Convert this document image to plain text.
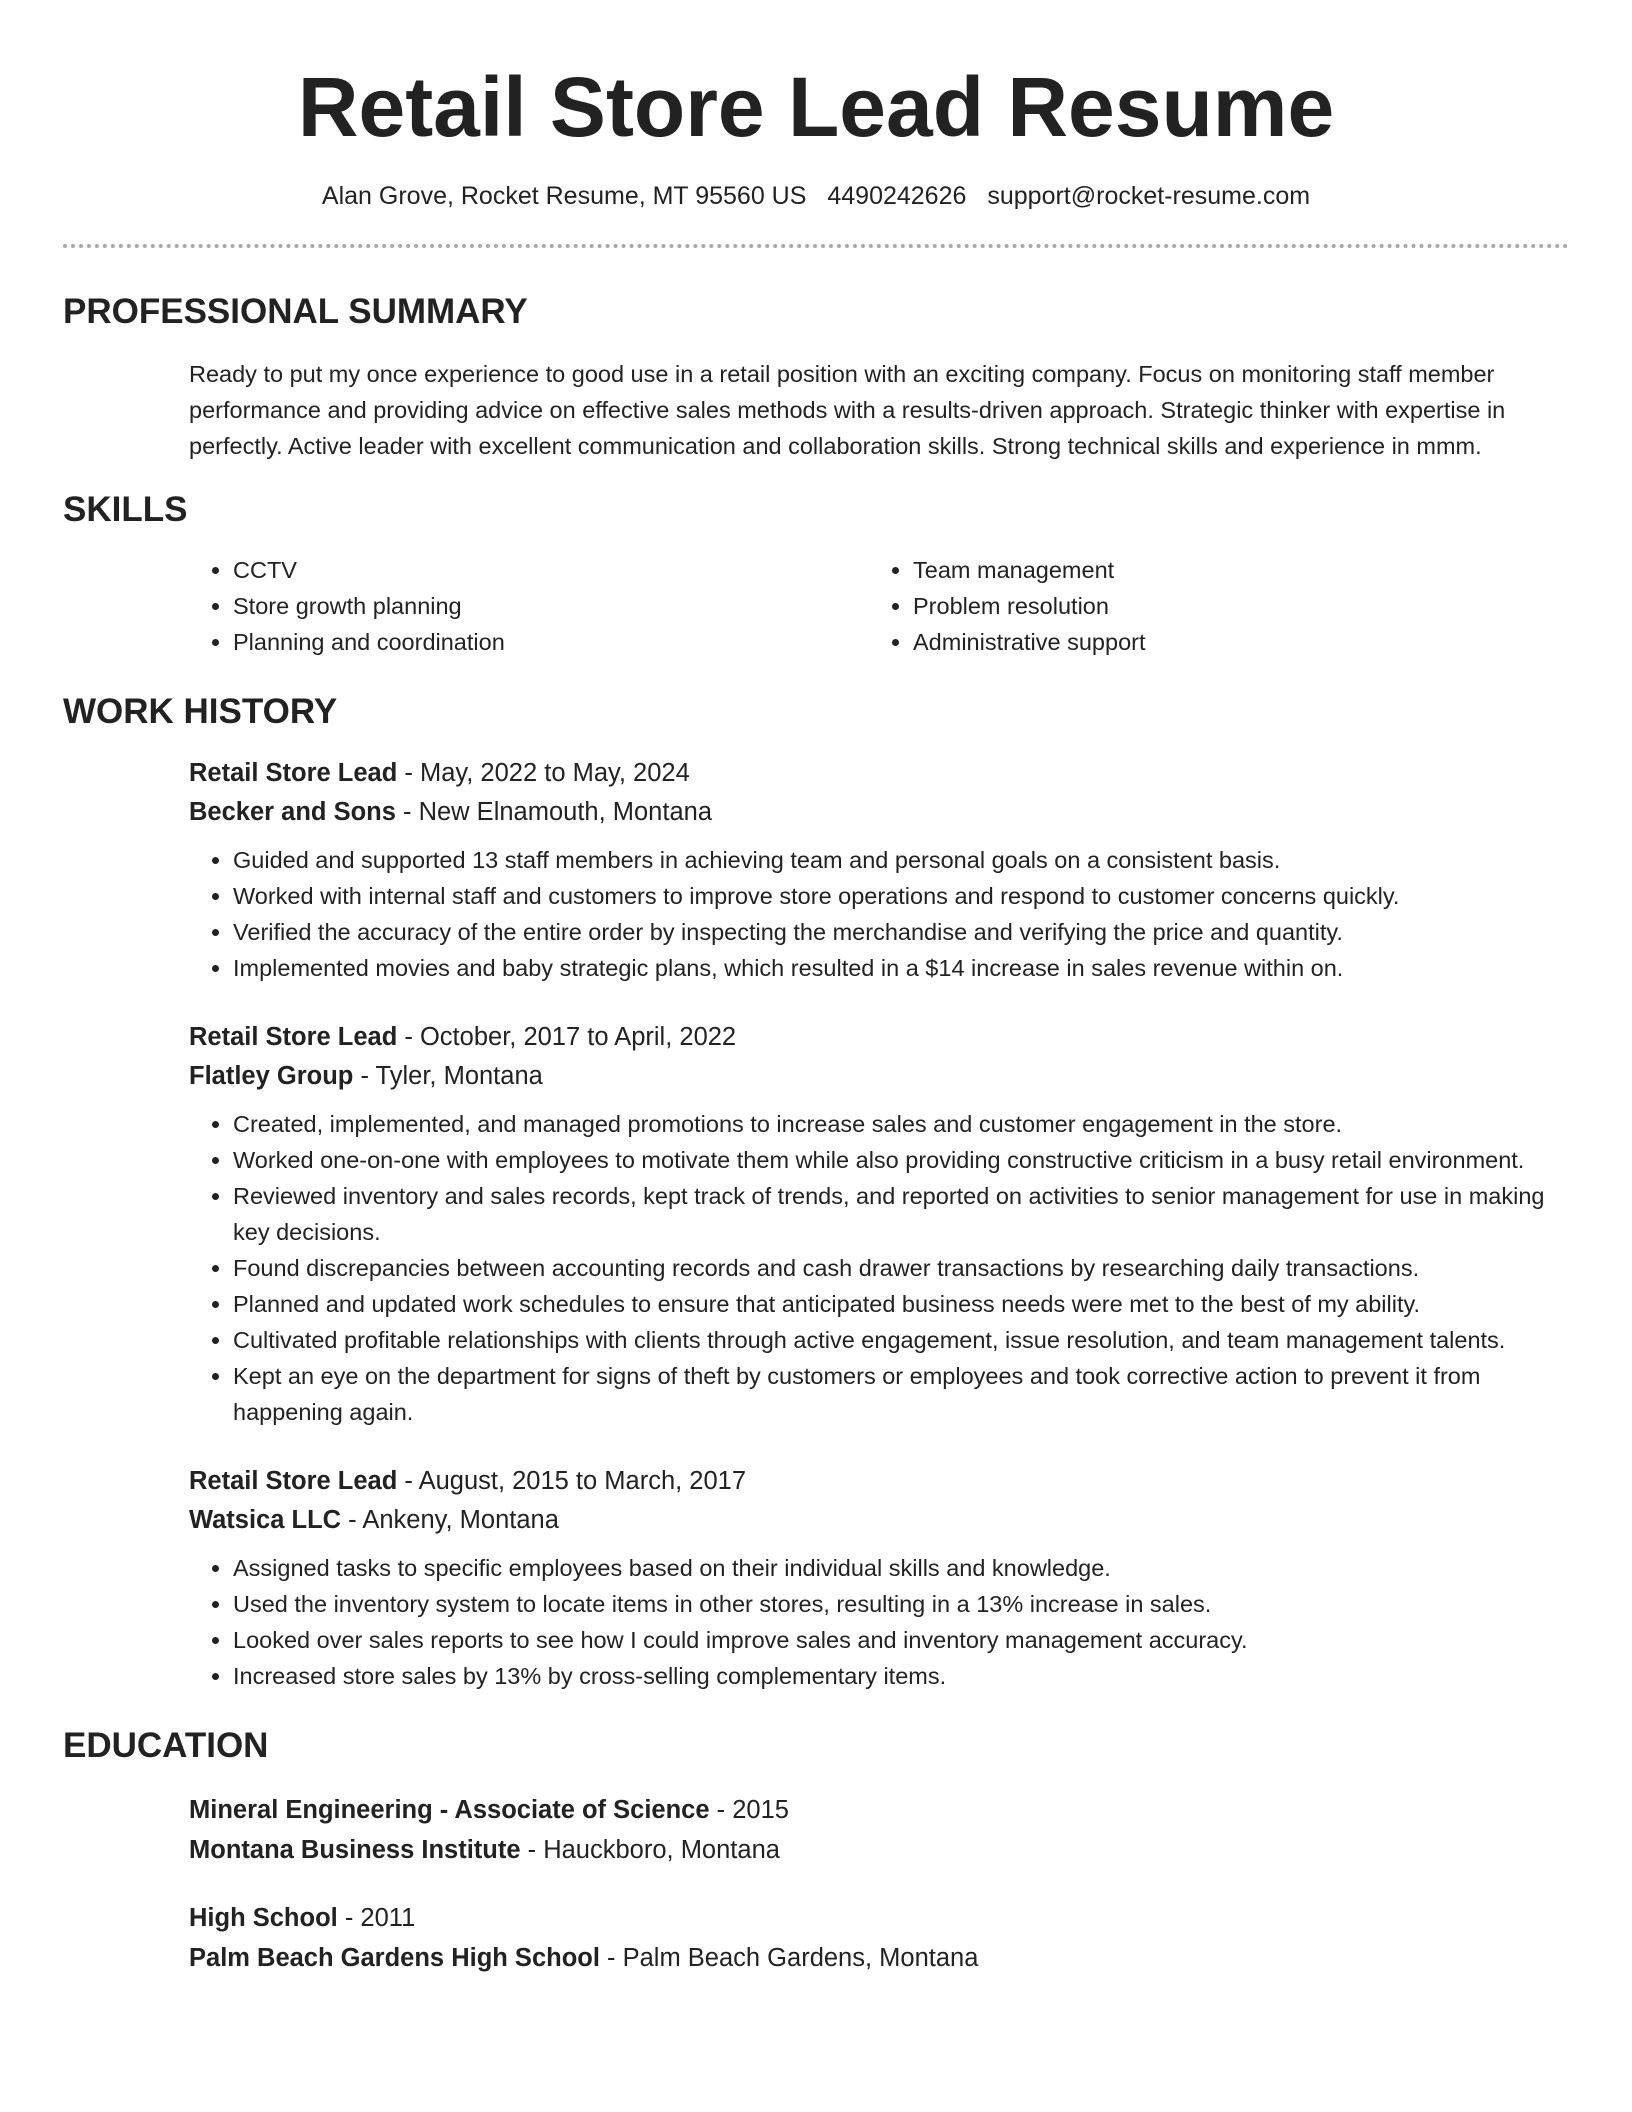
Retail Store Lead Resume
Alan Grove, Rocket Resume, MT 95560 US 4490242626 support@rocket-resume.com
PROFESSIONAL SUMMARY
Ready to put my once experience to good use in a retail position with an exciting company. Focus on monitoring staff member performance and providing advice on effective sales methods with a results-driven approach. Strategic thinker with expertise in perfectly. Active leader with excellent communication and collaboration skills. Strong technical skills and experience in mmm.
SKILLS
• CCTV
• Store growth planning
• Planning and coordination
• Team management
• Problem resolution
• Administrative support
WORK HISTORY
Retail Store Lead - May, 2022 to May, 2024
Becker and Sons - New Elnamouth, Montana
• Guided and supported 13 staff members in achieving team and personal goals on a consistent basis.
• Worked with internal staff and customers to improve store operations and respond to customer concerns quickly.
• Verified the accuracy of the entire order by inspecting the merchandise and verifying the price and quantity.
• Implemented movies and baby strategic plans, which resulted in a $14 increase in sales revenue within on.
Retail Store Lead - October, 2017 to April, 2022
Flatley Group - Tyler, Montana
• Created, implemented, and managed promotions to increase sales and customer engagement in the store.
• Worked one-on-one with employees to motivate them while also providing constructive criticism in a busy retail environment.
• Reviewed inventory and sales records, kept track of trends, and reported on activities to senior management for use in making key decisions.
• Found discrepancies between accounting records and cash drawer transactions by researching daily transactions.
• Planned and updated work schedules to ensure that anticipated business needs were met to the best of my ability.
• Cultivated profitable relationships with clients through active engagement, issue resolution, and team management talents.
• Kept an eye on the department for signs of theft by customers or employees and took corrective action to prevent it from happening again.
Retail Store Lead - August, 2015 to March, 2017
Watsica LLC - Ankeny, Montana
• Assigned tasks to specific employees based on their individual skills and knowledge.
• Used the inventory system to locate items in other stores, resulting in a 13% increase in sales.
• Looked over sales reports to see how I could improve sales and inventory management accuracy.
• Increased store sales by 13% by cross-selling complementary items.
EDUCATION
Mineral Engineering - Associate of Science - 2015
Montana Business Institute - Hauckboro, Montana
High School - 2011
Palm Beach Gardens High School - Palm Beach Gardens, Montana
